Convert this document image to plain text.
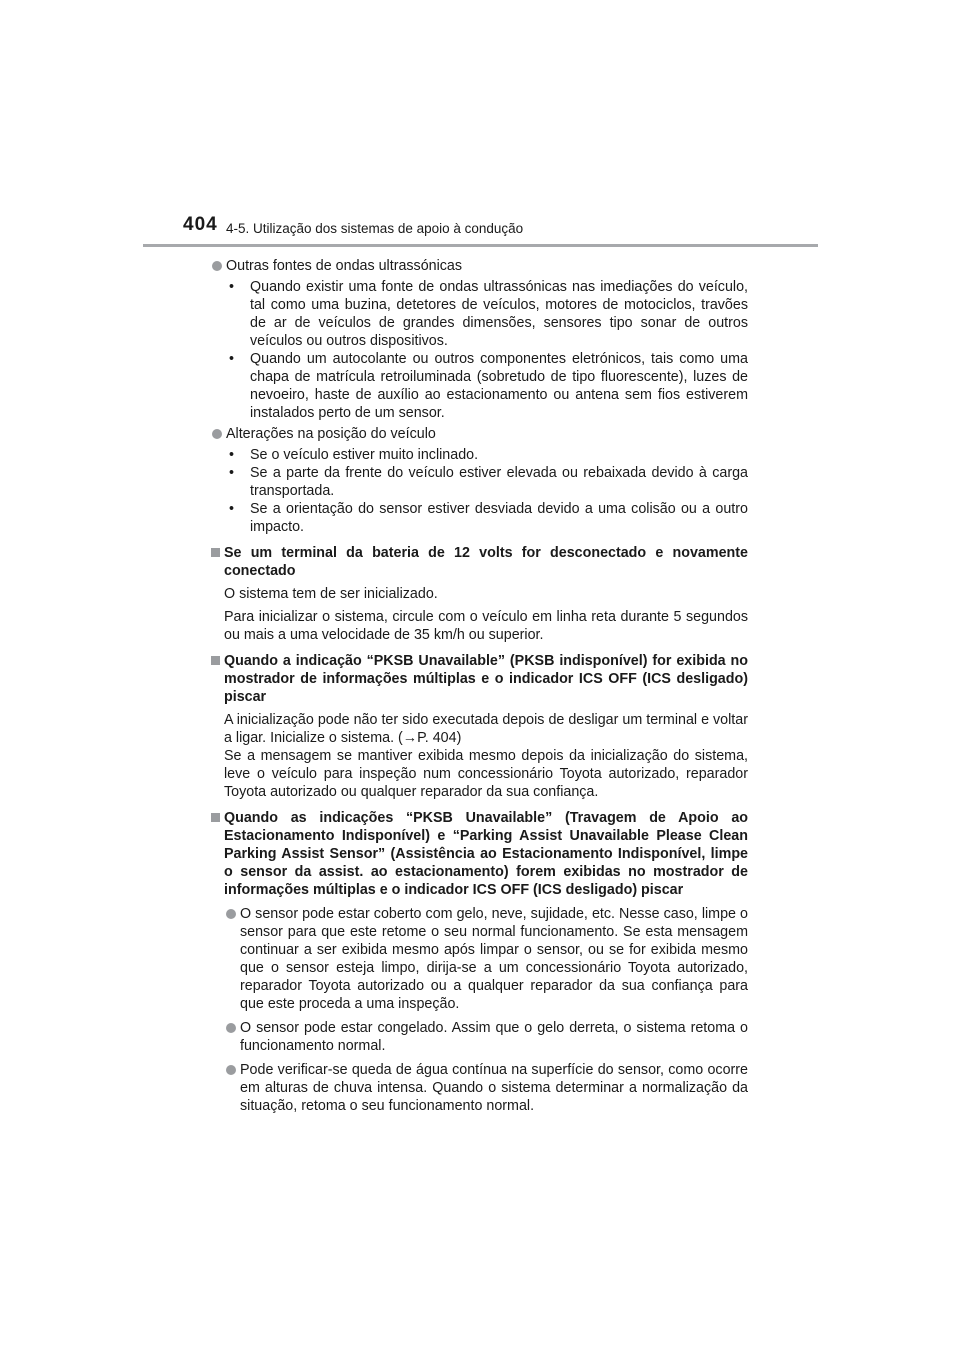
404 4-5. Utilização dos sistemas de apoio à condução
Outras fontes de ondas ultrassónicas
• Quando existir uma fonte de ondas ultrassónicas nas imediações do veículo, tal como uma buzina, detetores de veículos, motores de motociclos, travões de ar de veículos de grandes dimensões, sensores tipo sonar de outros veículos ou outros dispositivos.
• Quando um autocolante ou outros componentes eletrónicos, tais como uma chapa de matrícula retroiluminada (sobretudo de tipo fluorescente), luzes de nevoeiro, haste de auxílio ao estacionamento ou antena sem fios estiverem instalados perto de um sensor.
Alterações na posição do veículo
• Se o veículo estiver muito inclinado.
• Se a parte da frente do veículo estiver elevada ou rebaixada devido à carga transportada.
• Se a orientação do sensor estiver desviada devido a uma colisão ou a outro impacto.
Se um terminal da bateria de 12 volts for desconectado e novamente conectado
O sistema tem de ser inicializado.
Para inicializar o sistema, circule com o veículo em linha reta durante 5 segundos ou mais a uma velocidade de 35 km/h ou superior.
Quando a indicação “PKSB Unavailable” (PKSB indisponível) for exibida no mostrador de informações múltiplas e o indicador ICS OFF (ICS desligado) piscar
A inicialização pode não ter sido executada depois de desligar um terminal e voltar a ligar. Inicialize o sistema. (→P. 404)
Se a mensagem se mantiver exibida mesmo depois da inicialização do sistema, leve o veículo para inspeção num concessionário Toyota autorizado, reparador Toyota autorizado ou qualquer reparador da sua confiança.
Quando as indicações “PKSB Unavailable” (Travagem de Apoio ao Estacionamento Indisponível) e “Parking Assist Unavailable Please Clean Parking Assist Sensor” (Assistência ao Estacionamento Indisponível, limpe o sensor da assist. ao estacionamento) forem exibidas no mostrador de informações múltiplas e o indicador ICS OFF (ICS desligado) piscar
O sensor pode estar coberto com gelo, neve, sujidade, etc. Nesse caso, limpe o sensor para que este retome o seu normal funcionamento. Se esta mensagem continuar a ser exibida mesmo após limpar o sensor, ou se for exibida mesmo que o sensor esteja limpo, dirija-se a um concessionário Toyota autorizado, reparador Toyota autorizado ou a qualquer reparador da sua confiança para que este proceda a uma inspeção.
O sensor pode estar congelado. Assim que o gelo derreta, o sistema retoma o funcionamento normal.
Pode verificar-se queda de água contínua na superfície do sensor, como ocorre em alturas de chuva intensa. Quando o sistema determinar a normalização da situação, retoma o seu funcionamento normal.
